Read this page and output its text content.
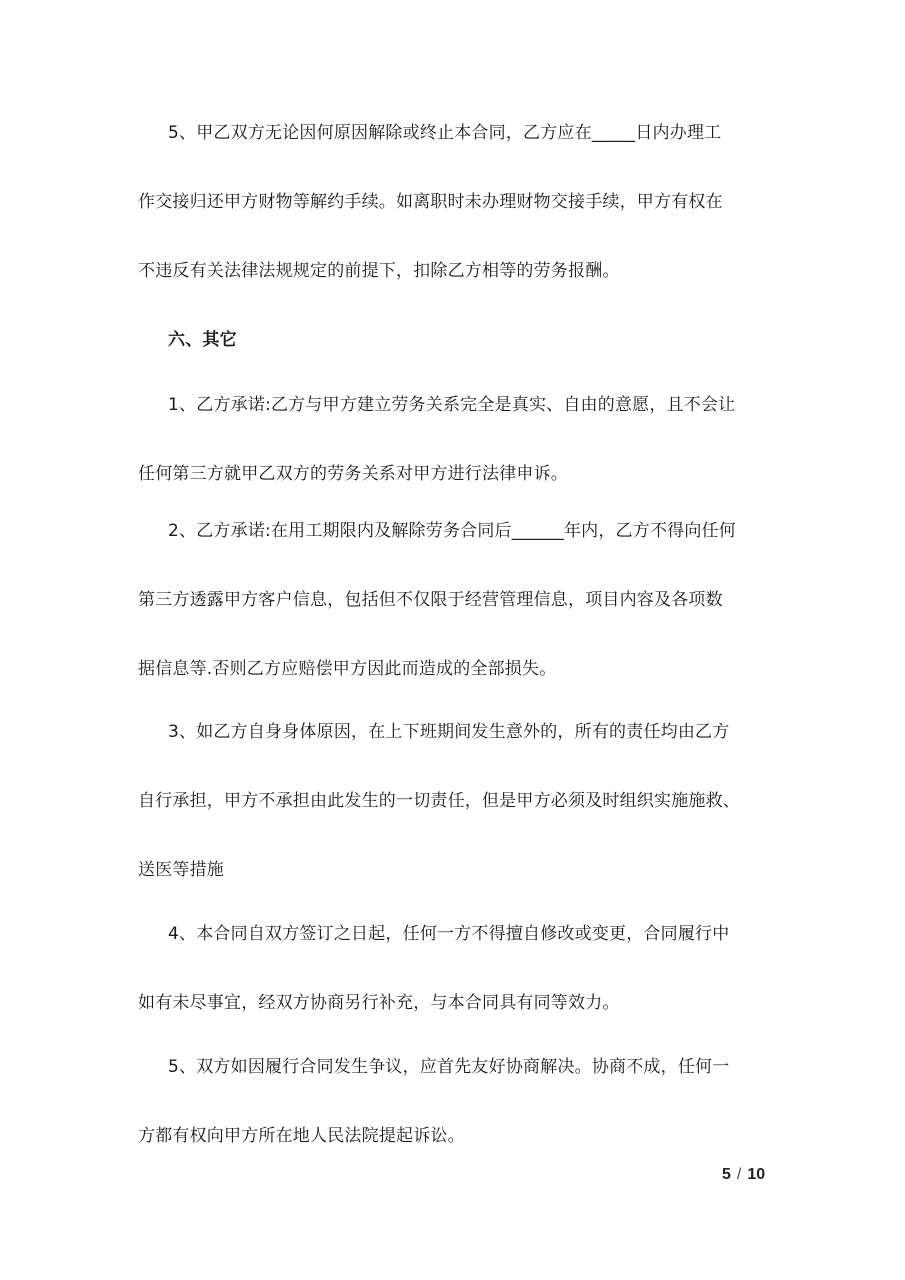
5、甲乙双方无论因何原因解除或终止本合同，乙方应在_____日内办理工
作交接归还甲方财物等解约手续。如离职时未办理财物交接手续，甲方有权在
不违反有关法律法规规定的前提下，扣除乙方相等的劳务报酬。
六、其它
1、乙方承诺:乙方与甲方建立劳务关系完全是真实、自由的意愿，且不会让
任何第三方就甲乙双方的劳务关系对甲方进行法律申诉。
2、乙方承诺:在用工期限内及解除劳务合同后______年内，乙方不得向任何
第三方透露甲方客户信息，包括但不仅限于经营管理信息，项目内容及各项数
据信息等.否则乙方应赔偿甲方因此而造成的全部损失。
3、如乙方自身身体原因，在上下班期间发生意外的，所有的责任均由乙方
自行承担，甲方不承担由此发生的一切责任，但是甲方必须及时组织实施施救、
送医等措施
4、本合同自双方签订之日起，任何一方不得擅自修改或变更，合同履行中
如有未尽事宜，经双方协商另行补充，与本合同具有同等效力。
5、双方如因履行合同发生争议，应首先友好协商解决。协商不成，任何一
方都有权向甲方所在地人民法院提起诉讼。
5 / 10
